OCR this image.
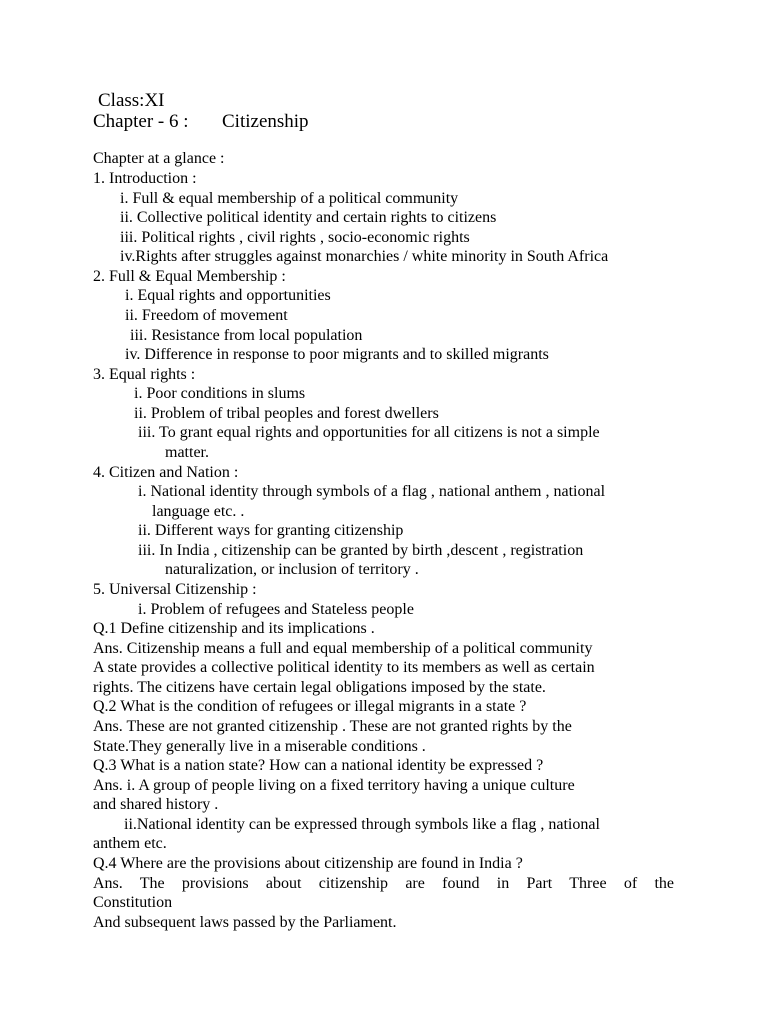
Class:XI
Chapter - 6 : Citizenship
Chapter at a glance :
1. Introduction :
i. Full & equal membership of a political community
ii. Collective political identity and certain rights to citizens
iii. Political rights , civil rights , socio-economic rights
iv.Rights after struggles against monarchies / white minority in South Africa
2. Full & Equal Membership :
i. Equal rights and opportunities
ii. Freedom of movement
iii. Resistance from local population
iv. Difference in response to poor migrants and to skilled migrants
3. Equal rights :
i. Poor conditions in slums
ii. Problem of tribal peoples and forest dwellers
iii. To grant equal rights and opportunities for all citizens is not a simple
matter.
4. Citizen and Nation :
i. National identity through symbols of a flag , national anthem , national
language etc. .
ii. Different ways for granting citizenship
iii. In India , citizenship can be granted by birth ,descent , registration
naturalization, or inclusion of territory .
5. Universal Citizenship :
i. Problem of refugees and Stateless people
Q.1 Define citizenship and its implications .
Ans. Citizenship means a full and equal membership of a political community
A state provides a collective political identity to its members as well as certain
rights. The citizens have certain legal obligations imposed by the state.
Q.2 What is the condition of refugees or illegal migrants in a state ?
Ans. These are not granted citizenship . These are not granted rights by the
State.They generally live in a miserable conditions .
Q.3 What is a nation state? How can a national identity be expressed ?
Ans. i. A group of people living on a fixed territory having a unique culture
and shared history .
ii.National identity can be expressed through symbols like a flag , national
anthem etc.
Q.4 Where are the provisions about citizenship are found in India ?
Ans. The provisions about citizenship are found in Part Three of the
Constitution
And subsequent laws passed by the Parliament.
